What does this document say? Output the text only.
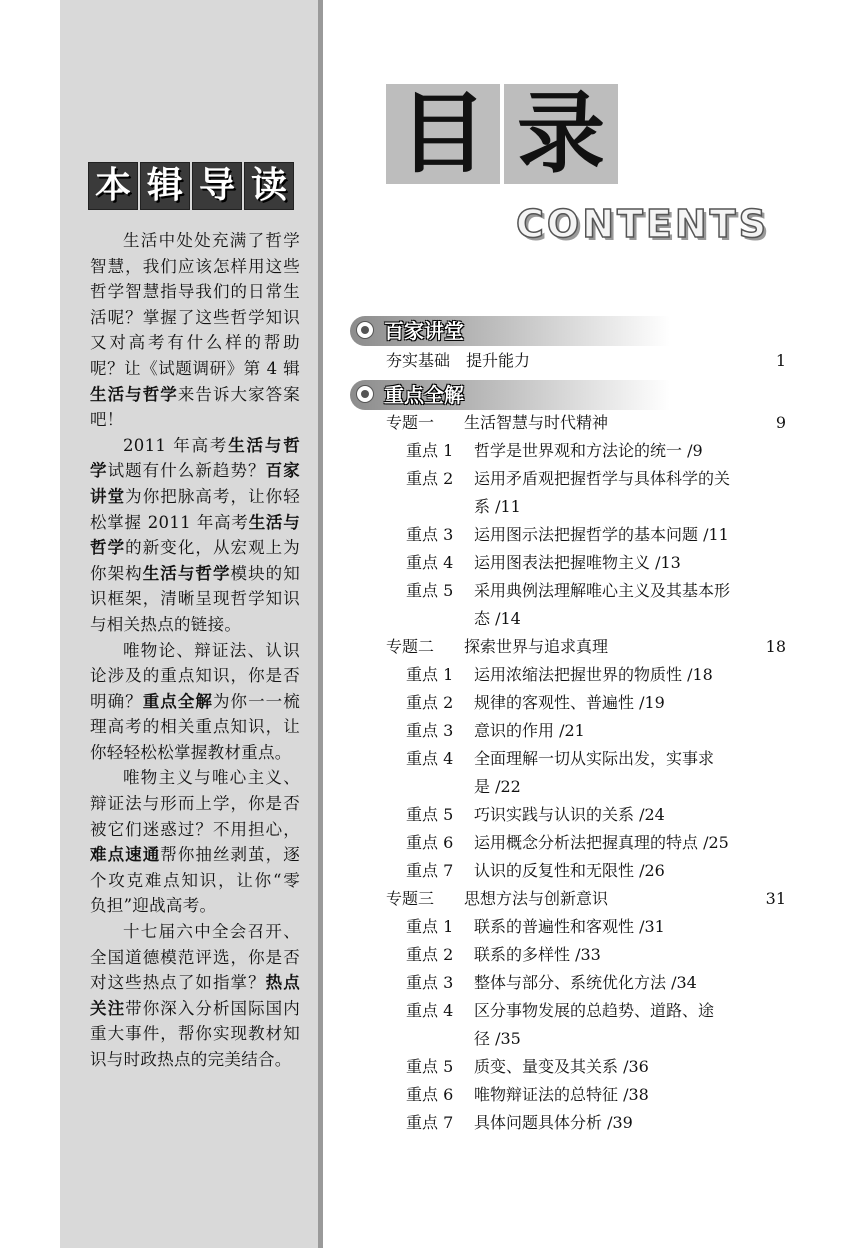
本 辑 导 读

生活中处处充满了哲学智慧，我们应该怎样用这些哲学智慧指导我们的日常生活呢？掌握了这些哲学知识又对高考有什么样的帮助呢？让《试题调研》第 4 辑生活与哲学来告诉大家答案吧！

2011 年高考生活与哲学试题有什么新趋势？百家讲堂为你把脉高考，让你轻松掌握 2011 年高考生活与哲学的新变化，从宏观上为你架构生活与哲学模块的知识框架，清晰呈现哲学知识与相关热点的链接。

唯物论、辩证法、认识论涉及的重点知识，你是否明确？重点全解为你一一梳理高考的相关重点知识，让你轻轻松松掌握教材重点。

唯物主义与唯心主义、辩证法与形而上学，你是否被它们迷惑过？不用担心，难点速通帮你抽丝剥茧，逐个攻克难点知识，让你“零负担”迎战高考。

十七届六中全会召开、全国道德模范评选，你是否对这些热点了如指掌？热点关注带你深入分析国际国内重大事件，帮你实现教材知识与时政热点的完美结合。

目 录
CONTENTS
百家讲堂
夯实基础　提升能力	1
重点全解
专题一 生活智慧与时代精神	9
重点 1 哲学是世界观和方法论的统一 /9
重点 2 运用矛盾观把握哲学与具体科学的关
系 /11
重点 3 运用图示法把握哲学的基本问题 /11
重点 4 运用图表法把握唯物主义 /13
重点 5 采用典例法理解唯心主义及其基本形
态 /14
专题二 探索世界与追求真理	18
重点 1 运用浓缩法把握世界的物质性 /18
重点 2 规律的客观性、普遍性 /19
重点 3 意识的作用 /21
重点 4 全面理解一切从实际出发，实事求
是 /22
重点 5 巧识实践与认识的关系 /24
重点 6 运用概念分析法把握真理的特点 /25
重点 7 认识的反复性和无限性 /26
专题三 思想方法与创新意识	31
重点 1 联系的普遍性和客观性 /31
重点 2 联系的多样性 /33
重点 3 整体与部分、系统优化方法 /34
重点 4 区分事物发展的总趋势、道路、途
径 /35
重点 5 质变、量变及其关系 /36
重点 6 唯物辩证法的总特征 /38
重点 7 具体问题具体分析 /39
